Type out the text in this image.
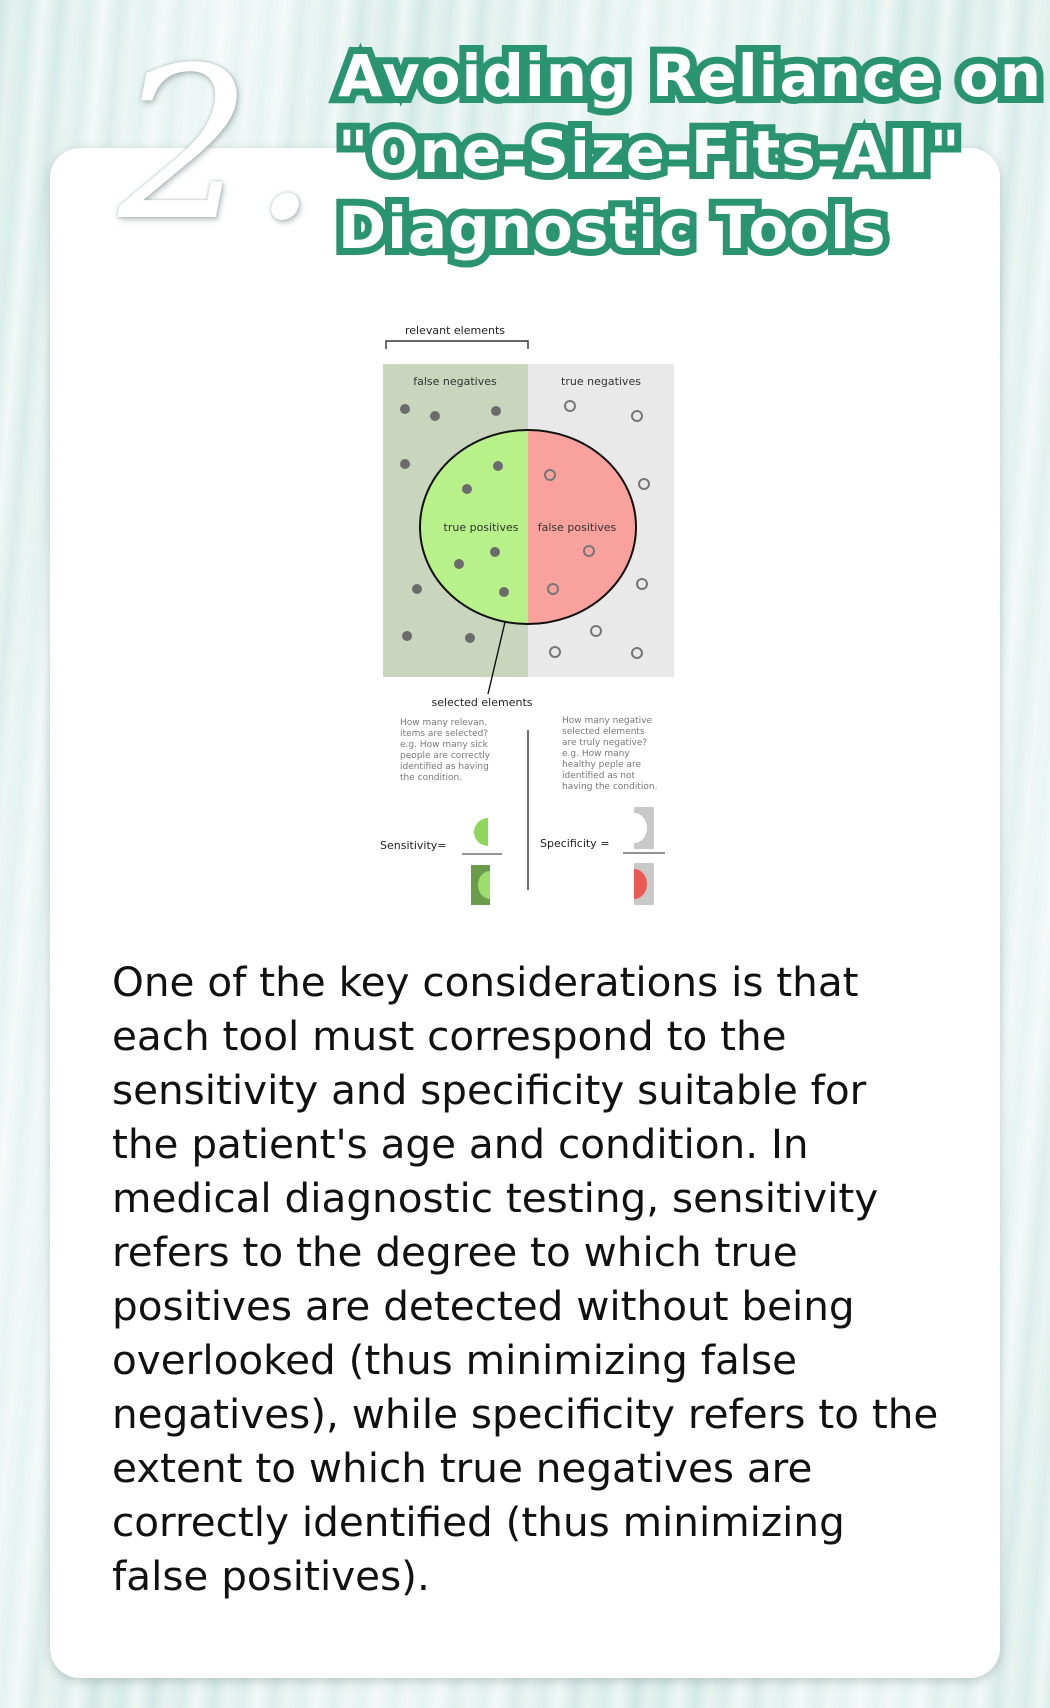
2. Avoiding Reliance on
"One-Size-Fits-All"
Diagnostic Tools
relevant elements
false negatives	true negatives
true positives false positives
selected elements
How many relevan.
items are selected?
e.g. How many sick
people are correctly
identified as having
the condition.
How many negative
selected elements
are truly negative?
e.g. How many
healthy peple are
identified as not
having the condition.
Sensitivity=	Specificity =

One of the key considerations is that each tool must correspond to the sensitivity and specificity suitable for the patient's age and condition. In medical diagnostic testing, sensitivity refers to the degree to which true positives are detected without being overlooked (thus minimizing false negatives), while specificity refers to the extent to which true negatives are correctly identified (thus minimizing false positives).
